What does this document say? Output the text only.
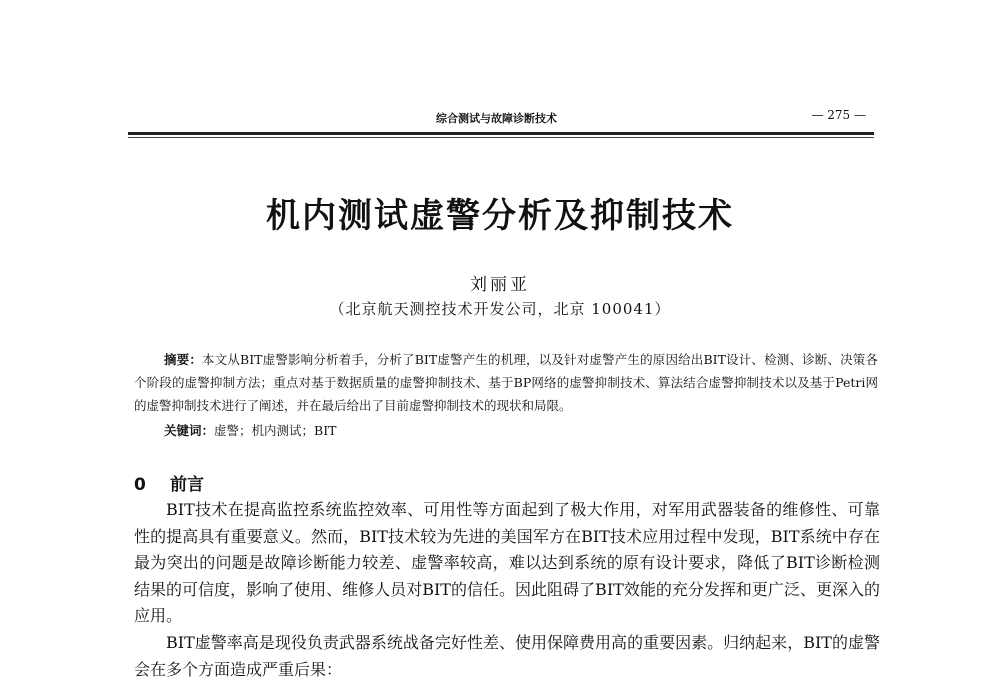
综合测试与故障诊断技术	— 275 —
机内测试虚警分析及抑制技术
刘丽亚
（北京航天测控技术开发公司，北京 100041）
摘要：本文从BIT虚警影响分析着手，分析了BIT虚警产生的机理，以及针对虚警产生的原因给出BIT设计、检测、诊断、决策各个阶段的虚警抑制方法；重点对基于数据质量的虚警抑制技术、基于BP网络的虚警抑制技术、算法结合虚警抑制技术以及基于Petri网的虚警抑制技术进行了阐述，并在最后给出了目前虚警抑制技术的现状和局限。
关键词：虚警；机内测试；BIT
0 前言

BIT技术在提高监控系统监控效率、可用性等方面起到了极大作用，对军用武器装备的维修性、可靠性的提高具有重要意义。然而，BIT技术较为先进的美国军方在BIT技术应用过程中发现，BIT系统中存在最为突出的问题是故障诊断能力较差、虚警率较高，难以达到系统的原有设计要求，降低了BIT诊断检测结果的可信度，影响了使用、维修人员对BIT的信任。因此阻碍了BIT效能的充分发挥和更广泛、更深入的应用。

BIT虚警率高是现役负责武器系统战备完好性差、使用保障费用高的重要因素。归纳起来，BIT的虚警会在多个方面造成严重后果：
